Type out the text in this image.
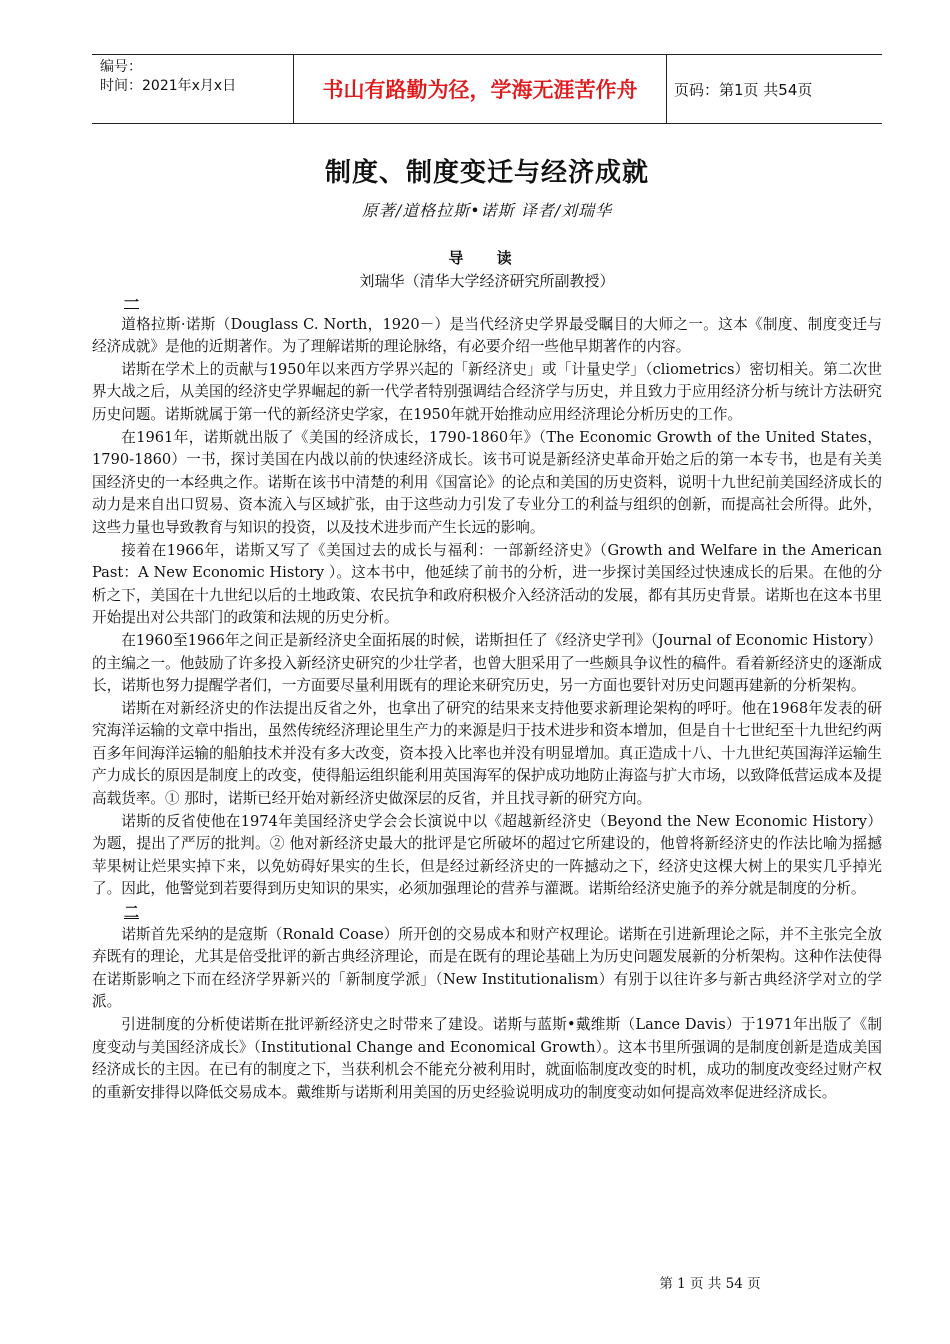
编号：
时间：2021年x月x日	书山有路勤为径，学海无涯苦作舟	页码：第1页 共54页
制度、制度变迁与经济成就
原著/道格拉斯•诺斯 译者/刘瑞华
导 读
刘瑞华（清华大学经济研究所副教授）
一

道格拉斯·诺斯（Douglass C. North，1920－）是当代经济史学界最受瞩目的大师之一。这本《制度、制度变迁与经济成就》是他的近期著作。为了理解诺斯的理论脉络，有必要介绍一些他早期著作的内容。

诺斯在学术上的贡献与1950年以来西方学界兴起的「新经济史」或「计量史学」（cliometrics）密切相关。第二次世界大战之后，从美国的经济史学界崛起的新一代学者特别强调结合经济学与历史，并且致力于应用经济分析与统计方法研究历史问题。诺斯就属于第一代的新经济史学家，在1950年就开始推动应用经济理论分析历史的工作。

在1961年，诺斯就出版了《美国的经济成长，1790-1860年》（The Economic Growth of the United States，1790-1860）一书，探讨美国在内战以前的快速经济成长。该书可说是新经济史革命开始之后的第一本专书，也是有关美国经济史的一本经典之作。诺斯在该书中清楚的利用《国富论》的论点和美国的历史资料，说明十九世纪前美国经济成长的动力是来自出口贸易、资本流入与区域扩张，由于这些动力引发了专业分工的利益与组织的创新，而提高社会所得。此外，这些力量也导致教育与知识的投资，以及技术进步而产生长远的影响。

接着在1966年，诺斯又写了《美国过去的成长与福利：一部新经济史》（Growth and Welfare in the American Past：A New Economic History ）。这本书中，他延续了前书的分析，进一步探讨美国经过快速成长的后果。在他的分析之下，美国在十九世纪以后的土地政策、农民抗争和政府积极介入经济活动的发展，都有其历史背景。诺斯也在这本书里开始提出对公共部门的政策和法规的历史分析。

在1960至1966年之间正是新经济史全面拓展的时候，诺斯担任了《经济史学刊》（Journal of Economic History）的主编之一。他鼓励了许多投入新经济史研究的少壮学者，也曾大胆采用了一些颇具争议性的稿件。看着新经济史的逐渐成长，诺斯也努力提醒学者们，一方面要尽量利用既有的理论来研究历史，另一方面也要针对历史问题再建新的分析架构。

诺斯在对新经济史的作法提出反省之外，也拿出了研究的结果来支持他要求新理论架构的呼吁。他在1968年发表的研究海洋运输的文章中指出，虽然传统经济理论里生产力的来源是归于技术进步和资本增加，但是自十七世纪至十九世纪约两百多年间海洋运输的船舶技术并没有多大改变，资本投入比率也并没有明显增加。真正造成十八、十九世纪英国海洋运输生产力成长的原因是制度上的改变，使得船运组织能利用英国海军的保护成功地防止海盗与扩大市场，以致降低营运成本及提高载货率。① 那时，诺斯已经开始对新经济史做深层的反省，并且找寻新的研究方向。

诺斯的反省使他在1974年美国经济史学会会长演说中以《超越新经济史（Beyond the New Economic History）为题，提出了严厉的批判。② 他对新经济史最大的批评是它所破坏的超过它所建设的，他曾将新经济史的作法比喻为摇撼苹果树让烂果实掉下来，以免妨碍好果实的生长，但是经过新经济史的一阵撼动之下，经济史这棵大树上的果实几乎掉光了。因此，他警觉到若要得到历史知识的果实，必须加强理论的营养与灌溉。诺斯给经济史施予的养分就是制度的分析。

二

诺斯首先采纳的是寇斯（Ronald Coase）所开创的交易成本和财产权理论。诺斯在引进新理论之际，并不主张完全放弃既有的理论，尤其是倍受批评的新古典经济理论，而是在既有的理论基础上为历史问题发展新的分析架构。这种作法使得在诺斯影响之下而在经济学界新兴的「新制度学派」（New Institutionalism）有别于以往许多与新古典经济学对立的学派。

引进制度的分析使诺斯在批评新经济史之时带来了建设。诺斯与蓝斯•戴维斯（Lance Davis）于1971年出版了《制度变动与美国经济成长》（Institutional Change and Economical Growth）。这本书里所强调的是制度创新是造成美国经济成长的主因。在已有的制度之下，当获利机会不能充分被利用时，就面临制度改变的时机，成功的制度改变经过财产权的重新安排得以降低交易成本。戴维斯与诺斯利用美国的历史经验说明成功的制度变动如何提高效率促进经济成长。

第 1 页 共 54 页
